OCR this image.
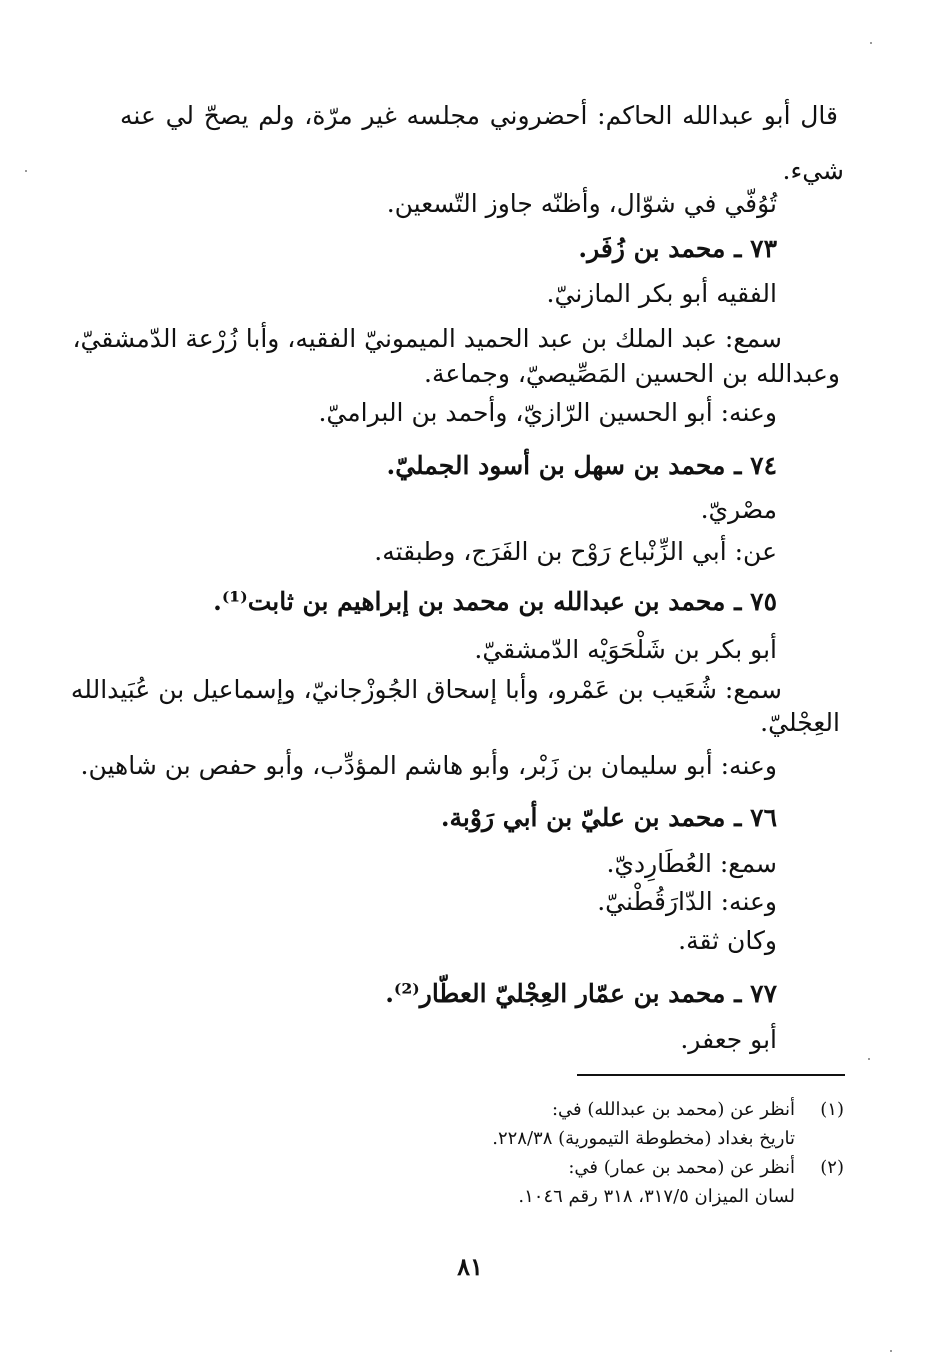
قال أبو عبدالله الحاكم: أحضروني مجلسه غير مرّة، ولم يصحّ لي عنه
شيء.
تُوُفّي في شوّال، وأظنّه جاوز التّسعين.
٧٣ ـ محمد بن زُفَر.
الفقيه أبو بكر المازنيّ.
سمع: عبد الملك بن عبد الحميد الميمونيّ الفقيه، وأبا زُرْعة الدّمشقيّ،
وعبدالله بن الحسين المَصِّيصيّ، وجماعة.
وعنه: أبو الحسين الرّازيّ، وأحمد بن البراميّ.
٧٤ ـ محمد بن سهل بن أسود الجمليّ.
مصْريّ.
عن: أبي الزِّنْباع رَوْح بن الفَرَج، وطبقته.
٧٥ ـ محمد بن عبدالله بن محمد بن إبراهيم بن ثابت⁽¹⁾.
أبو بكر بن شَلْحَوَيْه الدّمشقيّ.
سمع: شُعَيب بن عَمْرو، وأبا إسحاق الجُوزْجانيّ، وإسماعيل بن عُبَيدالله
العِجْليّ.
وعنه: أبو سليمان بن زَبْر، وأبو هاشم المؤدِّب، وأبو حفص بن شاهين.
٧٦ ـ محمد بن عليّ بن أبي رَوْبة.
سمع: العُطَارِديّ.
وعنه: الدّارَقُطْنيّ.
وكان ثقة.
٧٧ ـ محمد بن عمّار العِجْليّ العطّار⁽²⁾.
أبو جعفر.
(١)
أنظر عن (محمد بن عبدالله) في:
تاريخ بغداد (مخطوطة التيمورية) ٢٢٨/٣٨.
(٢)
أنظر عن (محمد بن عمار) في:
لسان الميزان ٣١٧/٥، ٣١٨ رقم ١٠٤٦.
٨١
